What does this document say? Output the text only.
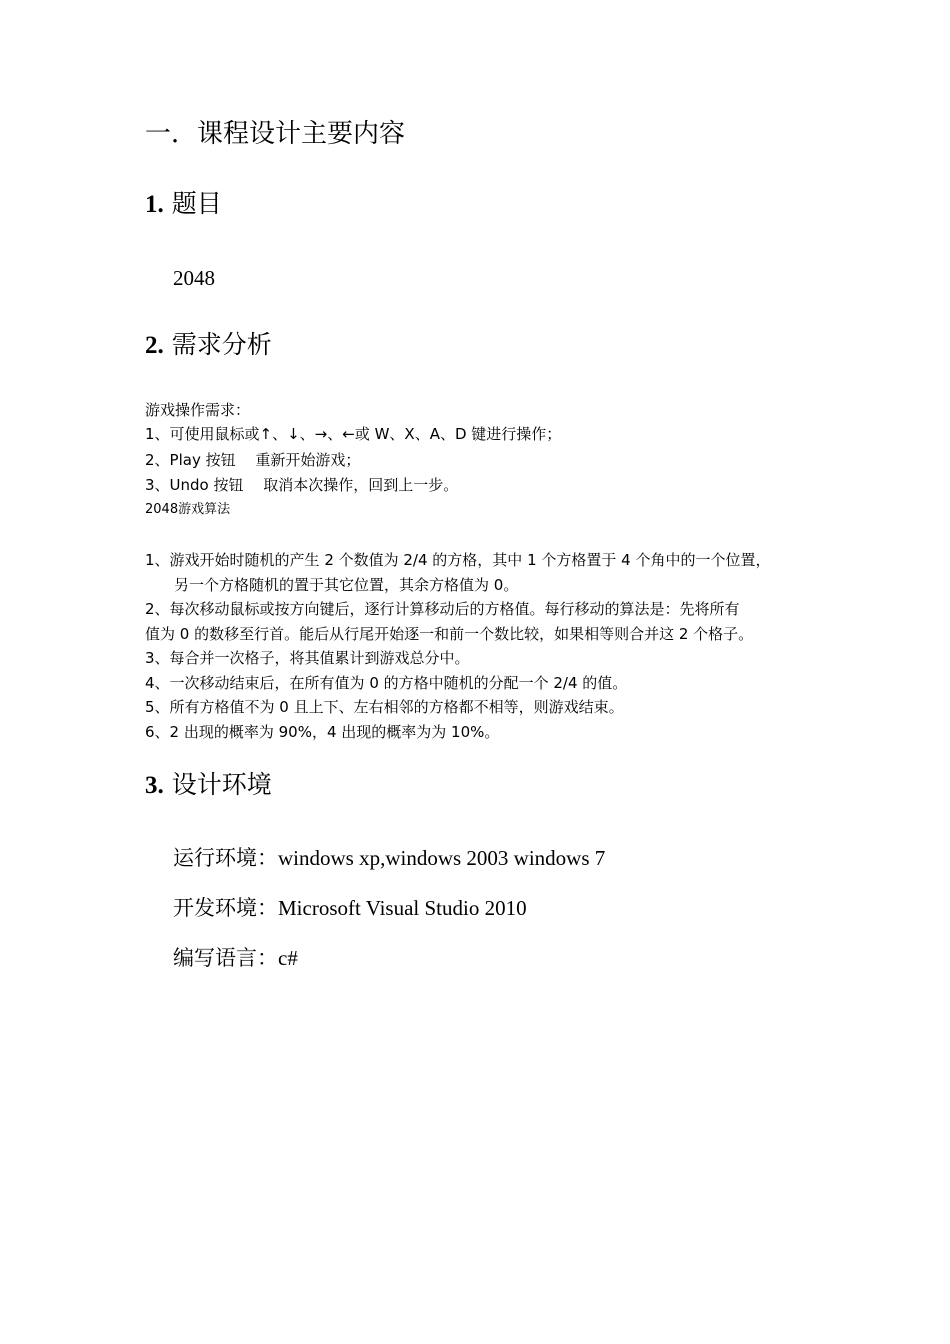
一．课程设计主要内容
1. 题目
2048
2. 需求分析
游戏操作需求：
1、可使用鼠标或↑、↓、→、←或 W、X、A、D 键进行操作；
2、Play 按钮　 重新开始游戏；
3、Undo 按钮　 取消本次操作，回到上一步。
2048游戏算法
1、游戏开始时随机的产生 2 个数值为 2/4 的方格，其中 1 个方格置于 4 个角中的一个位置，
另一个方格随机的置于其它位置，其余方格值为 0。
2、每次移动鼠标或按方向键后，逐行计算移动后的方格值。每行移动的算法是：先将所有
值为 0 的数移至行首。能后从行尾开始逐一和前一个数比较，如果相等则合并这 2 个格子。
3、每合并一次格子，将其值累计到游戏总分中。
4、一次移动结束后，在所有值为 0 的方格中随机的分配一个 2/4 的值。
5、所有方格值不为 0 且上下、左右相邻的方格都不相等，则游戏结束。
6、2 出现的概率为 90%，4 出现的概率为为 10%。
3. 设计环境
运行环境：windows xp,windows 2003 windows 7
开发环境：Microsoft Visual Studio 2010
编写语言：c#
